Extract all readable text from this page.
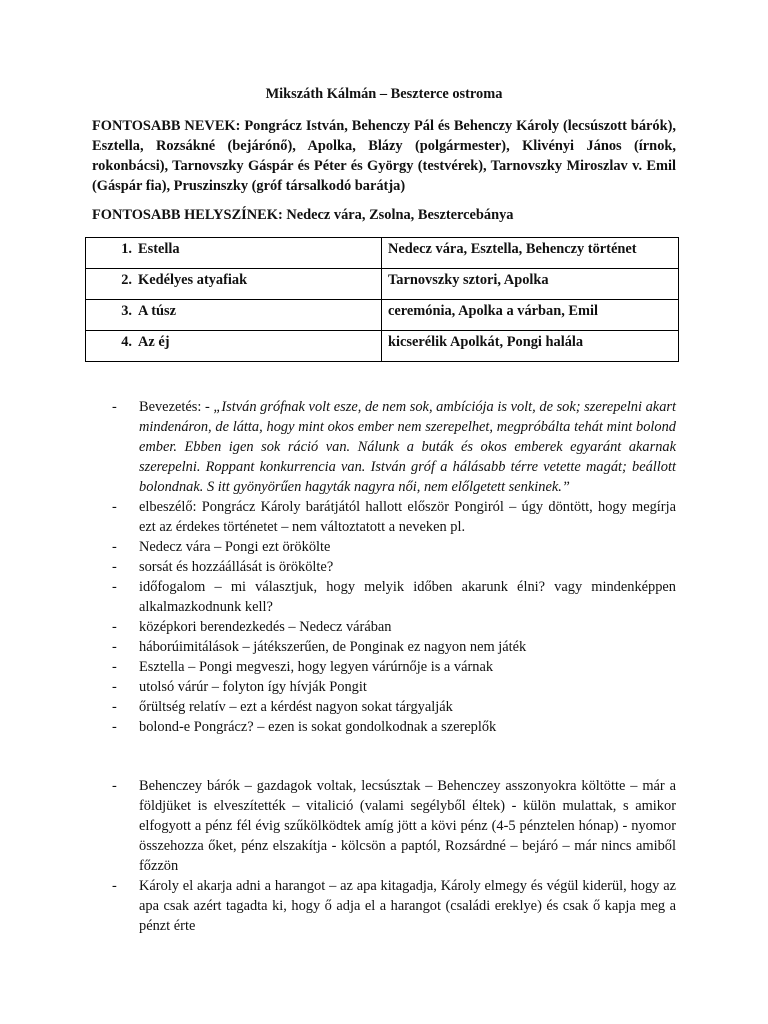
Mikszáth Kálmán – Beszterce ostroma
FONTOSABB NEVEK: Pongrácz István, Behenczy Pál és Behenczy Károly (lecsúszott bárók), Esztella, Rozsákné (bejárónő), Apolka, Blázy (polgármester), Klivényi János (írnok, rokonbácsi), Tarnovszky Gáspár és Péter és György (testvérek), Tarnovszky Miroszlav v. Emil (Gáspár fia), Pruszinszky (gróf társalkodó barátja)
FONTOSABB HELYSZÍNEK: Nedecz vára, Zsolna, Besztercebánya
1. Estella	Nedecz vára, Esztella, Behenczy történet
2. Kedélyes atyafiak	Tarnovszky sztori, Apolka
3. A túsz	ceremónia, Apolka a várban, Emil
4. Az éj	kicserélik Apolkát, Pongi halála
- Bevezetés: - „István grófnak volt esze, de nem sok, ambíciója is volt, de sok; szerepelni akart mindenáron, de látta, hogy mint okos ember nem szerepelhet, megpróbálta tehát mint bolond ember. Ebben igen sok ráció van. Nálunk a buták és okos emberek egyaránt akarnak szerepelni. Roppant konkurrencia van. István gróf a hálásabb térre vetette magát; beállott bolondnak. S itt gyönyörűen hagyták nagyra női, nem előlgetett senkinek.”
- elbeszélő: Pongrácz Károly barátjától hallott először Pongiról – úgy döntött, hogy megírja ezt az érdekes történetet – nem változtatott a neveken pl.
- Nedecz vára – Pongi ezt örökölte
- sorsát és hozzáállását is örökölte?
- időfogalom – mi választjuk, hogy melyik időben akarunk élni? vagy mindenképpen alkalmazkodnunk kell?
- középkori berendezkedés – Nedecz várában
- háborúimitálások – játékszerűen, de Ponginak ez nagyon nem játék
- Esztella – Pongi megveszi, hogy legyen várúrnője is a várnak
- utolsó várúr – folyton így hívják Pongit
- őrültség relatív – ezt a kérdést nagyon sokat tárgyalják
- bolond-e Pongrácz? – ezen is sokat gondolkodnak a szereplők
- Behenczey bárók – gazdagok voltak, lecsúsztak – Behenczey asszonyokra költötte – már a földjüket is elveszítették – vitalició (valami segélyből éltek) - külön mulattak, s amikor elfogyott a pénz fél évig szűkölködtek amíg jött a kövi pénz (4-5 pénztelen hónap) - nyomor összehozza őket, pénz elszakítja - kölcsön a paptól, Rozsárdné – bejáró – már nincs amiből főzzön
- Károly el akarja adni a harangot – az apa kitagadja, Károly elmegy és végül kiderül, hogy az apa csak azért tagadta ki, hogy ő adja el a harangot (családi ereklye) és csak ő kapja meg a pénzt érte
